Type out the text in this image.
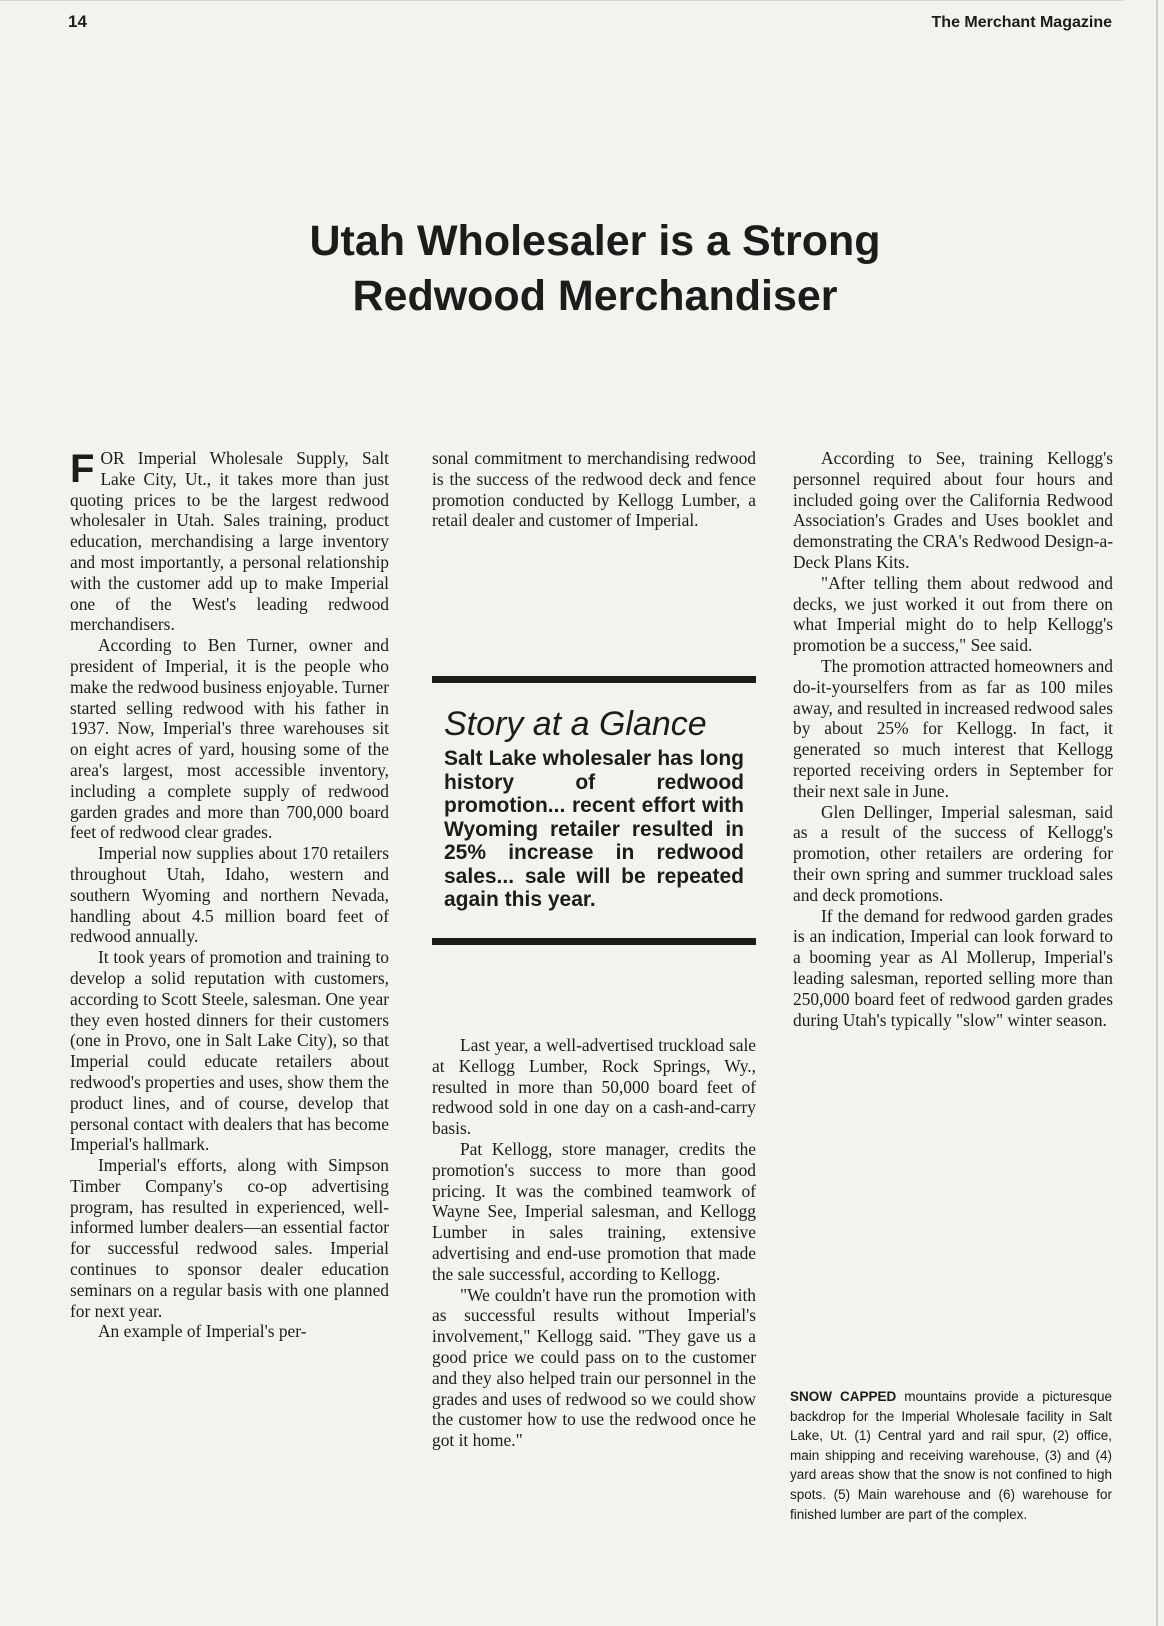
14	The Merchant Magazine
Utah Wholesaler is a Strong
Redwood Merchandiser

FOR Imperial Wholesale Supply, Salt Lake City, Ut., it takes more than just quoting prices to be the largest redwood wholesaler in Utah. Sales training, product education, merchandising a large inventory and most importantly, a personal relationship with the customer add up to make Imperial one of the West's leading redwood merchandisers.

According to Ben Turner, owner and president of Imperial, it is the people who make the redwood business enjoyable. Turner started selling redwood with his father in 1937. Now, Imperial's three warehouses sit on eight acres of yard, housing some of the area's largest, most accessible inventory, including a complete supply of redwood garden grades and more than 700,000 board feet of redwood clear grades.

Imperial now supplies about 170 retailers throughout Utah, Idaho, western and southern Wyoming and northern Nevada, handling about 4.5 million board feet of redwood annually.

It took years of promotion and training to develop a solid reputation with customers, according to Scott Steele, salesman. One year they even hosted dinners for their customers (one in Provo, one in Salt Lake City), so that Imperial could educate retailers about redwood's properties and uses, show them the product lines, and of course, develop that personal contact with dealers that has become Imperial's hallmark.

Imperial's efforts, along with Simpson Timber Company's co-op advertising program, has resulted in experienced, well-informed lumber dealers—an essential factor for successful redwood sales. Imperial continues to sponsor dealer education seminars on a regular basis with one planned for next year.

An example of Imperial's per-

sonal commitment to merchandising redwood is the success of the redwood deck and fence promotion conducted by Kellogg Lumber, a retail dealer and customer of Imperial.

Story at a Glance
Salt Lake wholesaler has long history of redwood promotion... recent effort with Wyoming retailer resulted in 25% increase in redwood sales... sale will be repeated again this year.

Last year, a well-advertised truckload sale at Kellogg Lumber, Rock Springs, Wy., resulted in more than 50,000 board feet of redwood sold in one day on a cash-and-carry basis.

Pat Kellogg, store manager, credits the promotion's success to more than good pricing. It was the combined teamwork of Wayne See, Imperial salesman, and Kellogg Lumber in sales training, extensive advertising and end-use promotion that made the sale successful, according to Kellogg.

"We couldn't have run the promotion with as successful results without Imperial's involvement," Kellogg said. "They gave us a good price we could pass on to the customer and they also helped train our personnel in the grades and uses of redwood so we could show the customer how to use the redwood once he got it home."

According to See, training Kellogg's personnel required about four hours and included going over the California Redwood Association's Grades and Uses booklet and demonstrating the CRA's Redwood Design-a-Deck Plans Kits.

"After telling them about redwood and decks, we just worked it out from there on what Imperial might do to help Kellogg's promotion be a success," See said.

The promotion attracted homeowners and do-it-yourselfers from as far as 100 miles away, and resulted in increased redwood sales by about 25% for Kellogg. In fact, it generated so much interest that Kellogg reported receiving orders in September for their next sale in June.

Glen Dellinger, Imperial salesman, said as a result of the success of Kellogg's promotion, other retailers are ordering for their own spring and summer truckload sales and deck promotions.

If the demand for redwood garden grades is an indication, Imperial can look forward to a booming year as Al Mollerup, Imperial's leading salesman, reported selling more than 250,000 board feet of redwood garden grades during Utah's typically "slow" winter season.

SNOW CAPPED mountains provide a picturesque backdrop for the Imperial Wholesale facility in Salt Lake, Ut. (1) Central yard and rail spur, (2) office, main shipping and receiving warehouse, (3) and (4) yard areas show that the snow is not confined to high spots. (5) Main warehouse and (6) warehouse for finished lumber are part of the complex.
